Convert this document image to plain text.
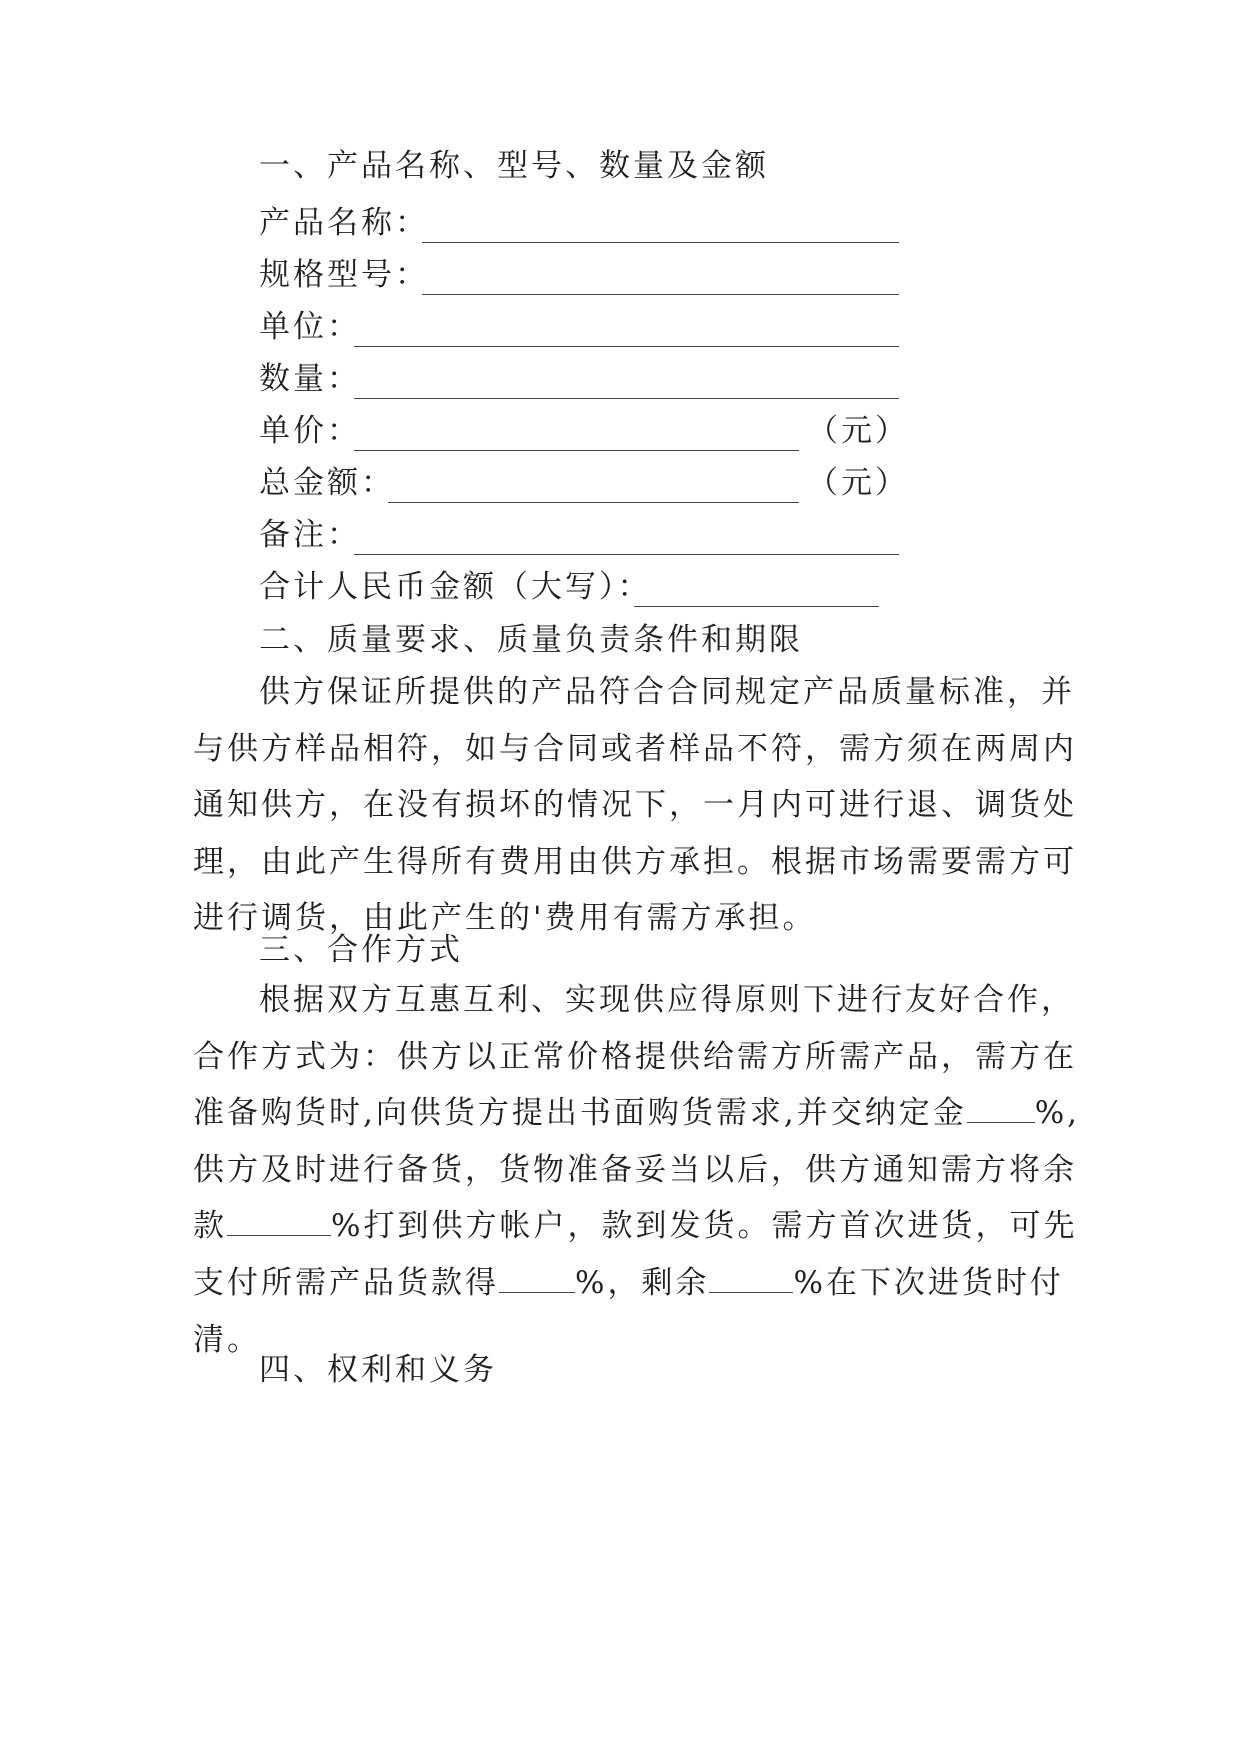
一、产品名称、型号、数量及金额
产品名称：
规格型号：
单位：
数量：
单价：	（元）
总金额：	（元）
备注：
合计人民币金额（大写）：
二、质量要求、质量负责条件和期限

供方保证所提供的产品符合合同规定产品质量标准，并

与供方样品相符，如与合同或者样品不符，需方须在两周内

通知供方，在没有损坏的情况下，一月内可进行退、调货处

理，由此产生得所有费用由供方承担。根据市场需要需方可

进行调货，由此产生的'费用有需方承担。

三、合作方式

根据双方互惠互利、实现供应得原则下进行友好合作，

合作方式为：供方以正常价格提供给需方所需产品，需方在

准备购货时,向供货方提出书面购货需求,并交纳定金 %,

供方及时进行备货，货物准备妥当以后，供方通知需方将余

款	%打到供方帐户，款到发货。需方首次进货，可先

支付所需产品货款得 %，剩余	%在下次进货时付

清。

四、权利和义务
